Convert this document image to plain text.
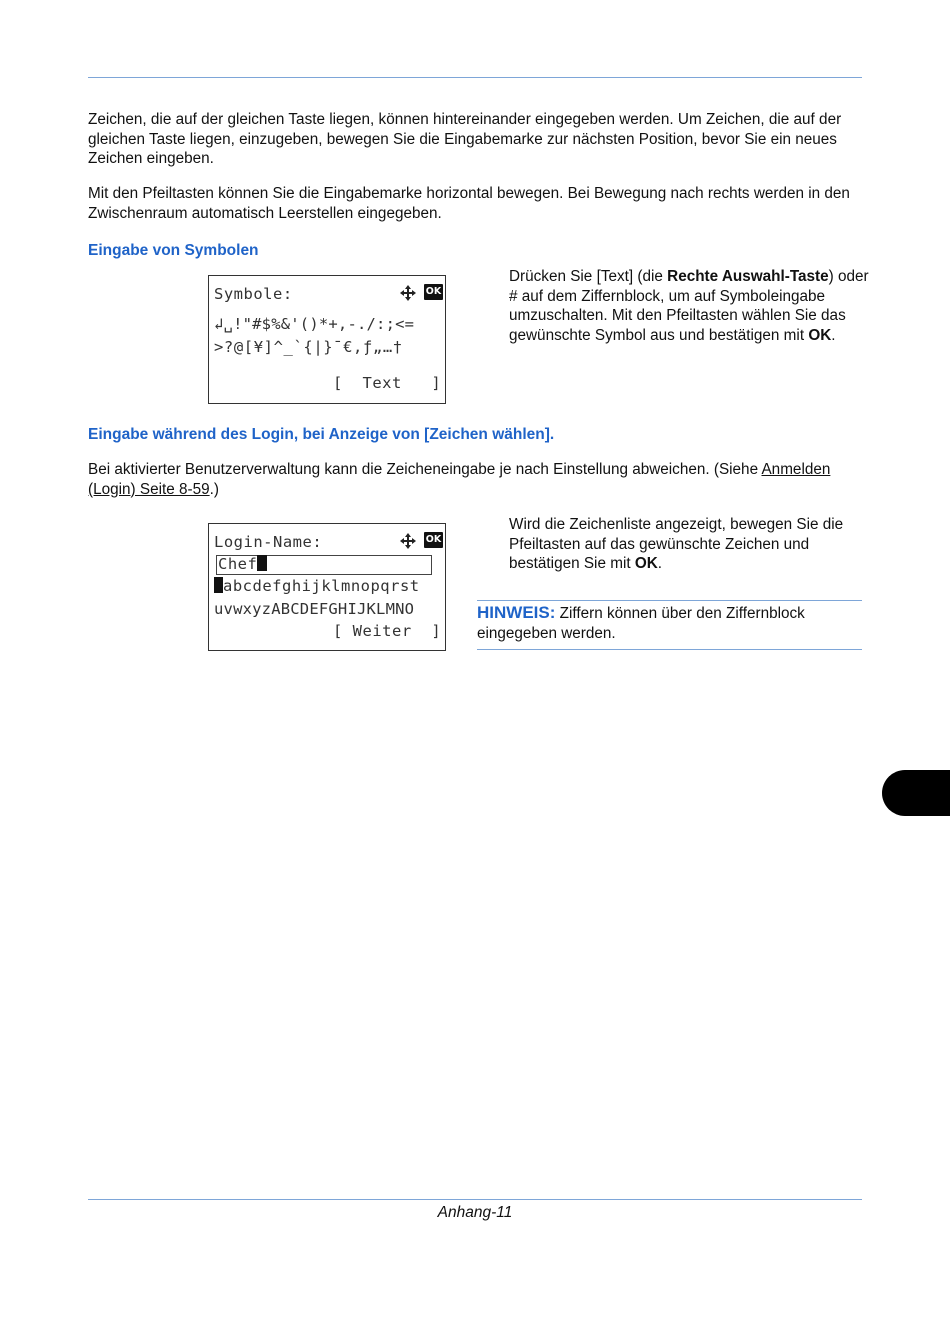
Zeichen, die auf der gleichen Taste liegen, können hintereinander eingegeben werden. Um Zeichen, die auf der gleichen Taste liegen, einzugeben, bewegen Sie die Eingabemarke zur nächsten Position, bevor Sie ein neues Zeichen eingeben.

Mit den Pfeiltasten können Sie die Eingabemarke horizontal bewegen. Bei Bewegung nach rechts werden in den Zwischenraum automatisch Leerstellen eingegeben.

Eingabe von Symbolen
Symbole:	OK
↲␣!"#$%&'()*+,-./:;<=
>?@[¥]^_`{|}¯€,ƒ„…†
[  Text   ]

Drücken Sie [Text] (die Rechte Auswahl-Taste) oder # auf dem Ziffernblock, um auf Symboleingabe umzuschalten. Mit den Pfeiltasten wählen Sie das gewünschte Symbol aus und bestätigen mit OK.

Eingabe während des Login, bei Anzeige von [Zeichen wählen].

Bei aktivierter Benutzerverwaltung kann die Zeicheneingabe je nach Einstellung abweichen. (Siehe Anmelden (Login) Seite 8-59.)

Login-Name:	OK
Chef
abcdefghijklmnopqrst
uvwxyzABCDEFGHIJKLMNO
[ Weiter  ]

Wird die Zeichenliste angezeigt, bewegen Sie die Pfeiltasten auf das gewünschte Zeichen und bestätigen Sie mit OK.

HINWEIS: Ziffern können über den Ziffernblock eingegeben werden.

Anhang-11
